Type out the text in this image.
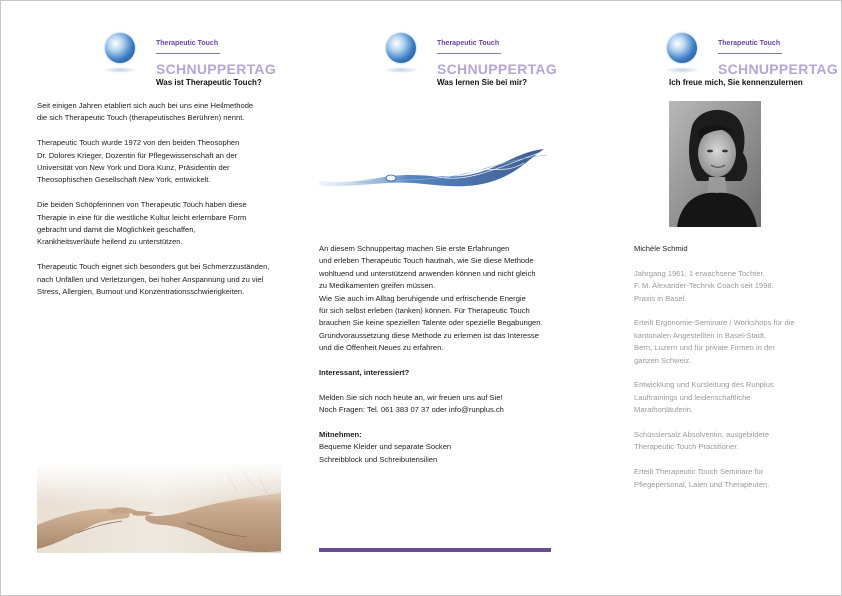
Therapeutic Touch
SCHNUPPERTAG
Was ist Therapeutic Touch?

Seit einigen Jahren etabliert sich auch bei uns eine Heilmethode
die sich Therapeutic Touch (therapeutisches Berühren) nennt.

Therapeutic Touch wurde 1972 von den beiden Theosophen
Dr. Dolores Krieger, Dozentin für Pflegewissenschaft an der
Universität von New York und Dora Kunz, Präsidentin der
Theosophischen Gesellschaft New York, entwickelt.

Die beiden Schöpferinnen von Therapeutic Touch haben diese
Therapie in eine für die westliche Kultur leicht erlernbare Form
gebracht und damit die Möglichkeit geschaffen,
Krankheitsverläufe heilend zu unterstützen.

Therapeutic Touch eignet sich besonders gut bei Schmerzzuständen,
nach Unfällen und Verletzungen, bei hoher Anspannung und zu viel
Stress, Allergien, Burnout und Konzentrationsschwierigkeiten.

Therapeutic Touch
SCHNUPPERTAG
Was lernen Sie bei mir?

An diesem Schnuppertag machen Sie erste Erfahrungen
und erleben Therapeutic Touch hautnah, wie Sie diese Methode
wohltuend und unterstützend anwenden können und nicht gleich
zu Medikamenten greifen müssen.
Wie Sie auch im Alltag beruhigende und erfrischende Energie
für sich selbst erleben (tanken) können. Für Therapeutic Touch
brauchen Sie keine speziellen Talente oder spezielle Begabungen.
Grundvoraussetzung diese Methode zu erlernen ist das Interesse
und die Offenheit Neues zu erfahren.

Interessant, interessiert?

Melden Sie sich noch heute an, wir freuen uns auf Sie!
Noch Fragen: Tel. 061 383 07 37 oder info@runplus.ch

Mitnehmen:
Bequeme Kleider und separate Socken
Schreibblock und Schreibutensilien

Therapeutic Touch
SCHNUPPERTAG
Ich freue mich, Sie kennenzulernen

Michèle Schmid

Jahrgang 1961, 1 erwachsene Tochter.
F. M. Alexander-Technik Coach seit 1998.
Praxis in Basel.

Erteilt Ergonomie-Seminare / Workshops für die
kantonalen Angestellten in Basel-Stadt,
Bern, Luzern und für private Firmen in der
ganzen Schweiz.

Entwicklung und Kursleitung des Runplus
Lauftrainings und leidenschaftliche
Marathonläuferin.

Schüsslersalz Absolventin, ausgebildete
Therapeutic Touch Practitioner.

Erteilt Therapeutic Touch Seminare für
Pflegepersonal, Laien und Therapeuten.
